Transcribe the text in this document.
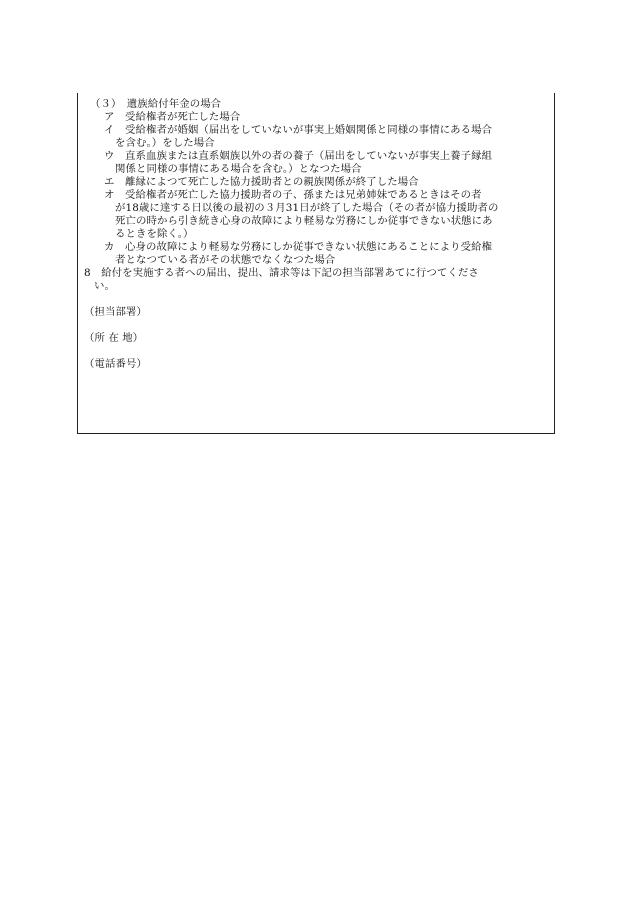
（３）　遺族給付年金の場合
ア　受給権者が死亡した場合
イ　受給権者が婚姻（届出をしていないが事実上婚姻関係と同様の事情にある場合
を含む。）をした場合
ウ　直系血族または直系姻族以外の者の養子（届出をしていないが事実上養子縁組
関係と同様の事情にある場合を含む。）となつた場合
エ　離縁によつて死亡した協力援助者との親族関係が終了した場合
オ　受給権者が死亡した協力援助者の子、孫または兄弟姉妹であるときはその者
が18歳に達する日以後の最初の３月31日が終了した場合（その者が協力援助者の
死亡の時から引き続き心身の故障により軽易な労務にしか従事できない状態にあ
るときを除く。）
カ　心身の故障により軽易な労務にしか従事できない状態にあることにより受給権
者となつている者がその状態でなくなつた場合
8　給付を実施する者への届出、提出、請求等は下記の担当部署あてに行つてくださ
い。
（担当部署）
（所 在 地）
（電話番号）
